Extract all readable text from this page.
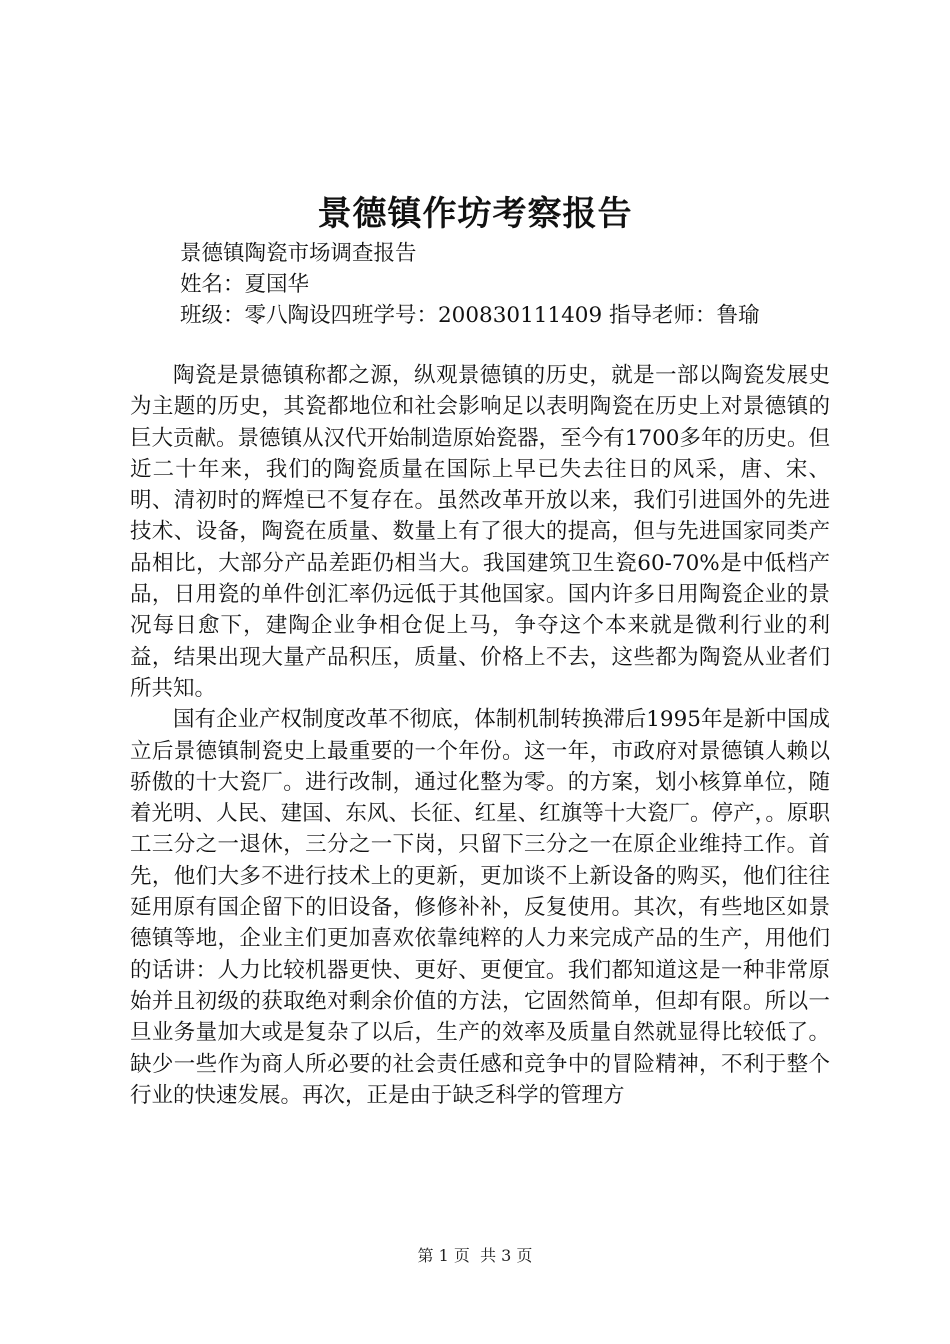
景德镇作坊考察报告
景德镇陶瓷市场调查报告
姓名：夏国华
班级：零八陶设四班学号：200830111409 指导老师：鲁瑜

陶瓷是景德镇称都之源，纵观景德镇的历史，就是一部以陶瓷发展史为主题的历史，其瓷都地位和社会影响足以表明陶瓷在历史上对景德镇的巨大贡献。景德镇从汉代开始制造原始瓷器，至今有1700多年的历史。但近二十年来，我们的陶瓷质量在国际上早已失去往日的风采，唐、宋、明、清初时的辉煌已不复存在。虽然改革开放以来，我们引进国外的先进技术、设备，陶瓷在质量、数量上有了很大的提高，但与先进国家同类产品相比，大部分产品差距仍相当大。我国建筑卫生瓷60-70%是中低档产品，日用瓷的单件创汇率仍远低于其他国家。国内许多日用陶瓷企业的景况每日愈下，建陶企业争相仓促上马，争夺这个本来就是微利行业的利益，结果出现大量产品积压，质量、价格上不去，这些都为陶瓷从业者们所共知。

国有企业产权制度改革不彻底，体制机制转换滞后1995年是新中国成立后景德镇制瓷史上最重要的一个年份。这一年，市政府对景德镇人赖以骄傲的十大瓷厂。进行改制，通过化整为零。的方案，划小核算单位，随着光明、人民、建国、东风、长征、红星、红旗等十大瓷厂。停产，。原职工三分之一退休，三分之一下岗，只留下三分之一在原企业维持工作。首先，他们大多不进行技术上的更新，更加谈不上新设备的购买，他们往往延用原有国企留下的旧设备，修修补补，反复使用。其次，有些地区如景德镇等地，企业主们更加喜欢依靠纯粹的人力来完成产品的生产，用他们的话讲：人力比较机器更快、更好、更便宜。我们都知道这是一种非常原始并且初级的获取绝对剩余价值的方法，它固然简单，但却有限。所以一旦业务量加大或是复杂了以后，生产的效率及质量自然就显得比较低了。缺少一些作为商人所必要的社会责任感和竞争中的冒险精神，不利于整个行业的快速发展。再次，正是由于缺乏科学的管理方

第 1 页  共 3 页
